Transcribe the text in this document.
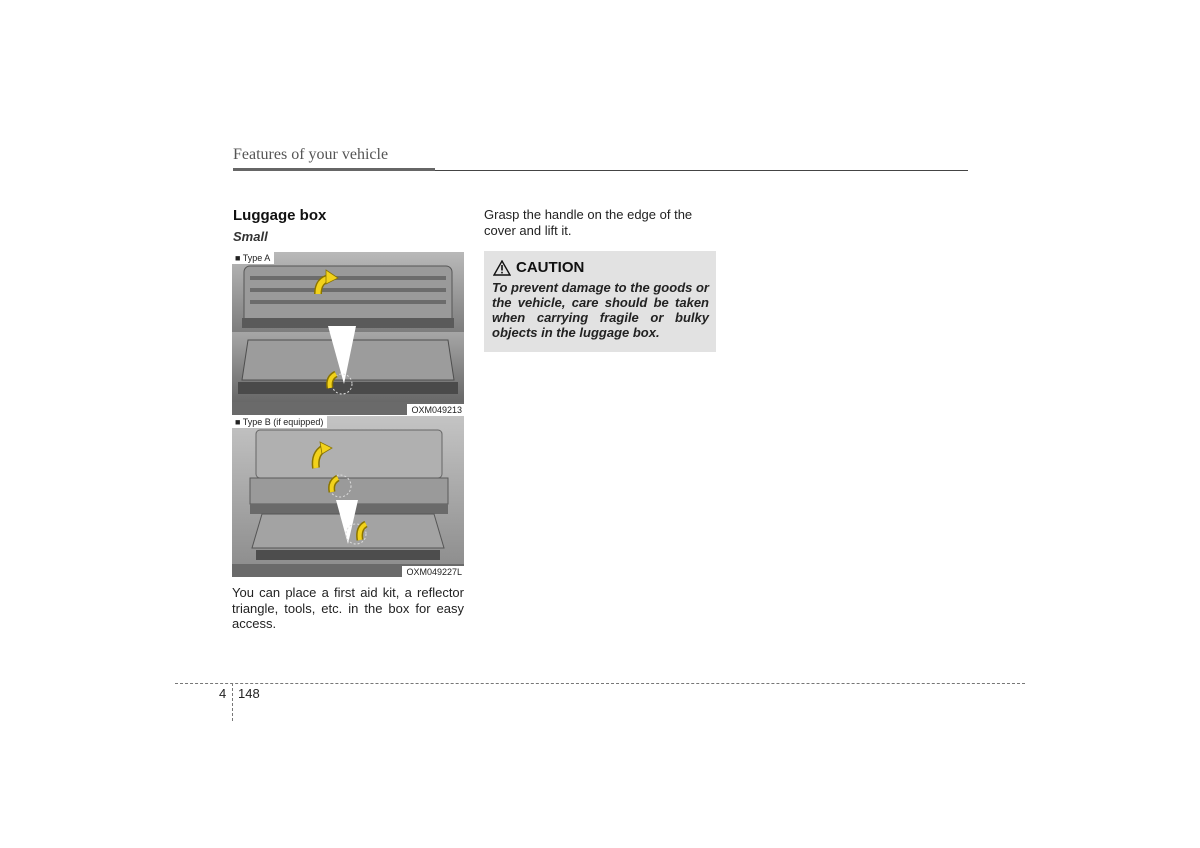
Features of your vehicle
Luggage box
Small
■ Type A
OXM049213
■ Type B (if equipped)
OXM049227L
You can place a first aid kit, a reflector triangle, tools, etc. in the box for easy access.
Grasp the handle on the edge of the cover and lift it.
CAUTION
To prevent damage to the goods or the vehicle, care should be taken when carrying fragile or bulky objects in the luggage box.
4 148
